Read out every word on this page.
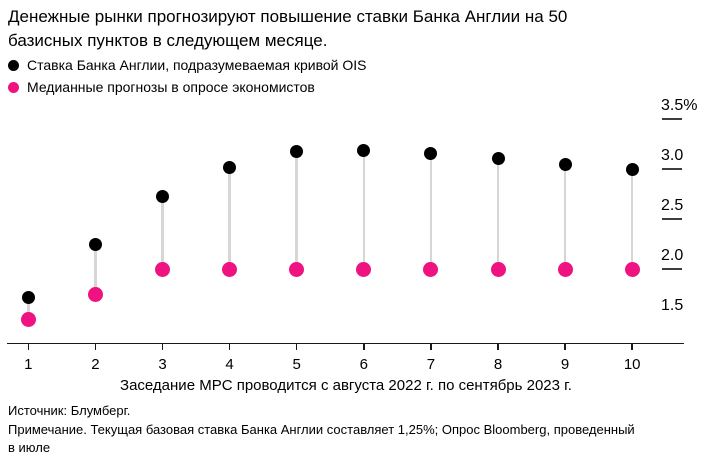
Денежные рынки прогнозируют повышение ставки Банка Англии на 50 базисных пунктов в следующем месяце.
Ставка Банка Англии, подразумеваемая кривой OIS
Медианные прогнозы в опросе экономистов
Заседание MPC проводится с августа 2022 г. по сентябрь 2023 г.
Источник: Блумберг.
Примечание. Текущая базовая ставка Банка Англии составляет 1,25%; Опрос Bloomberg, проведенный в июле
3.5%
3.0
2.5
2.0
1.5
1	2	3	4	5	6	7	8	9	10
